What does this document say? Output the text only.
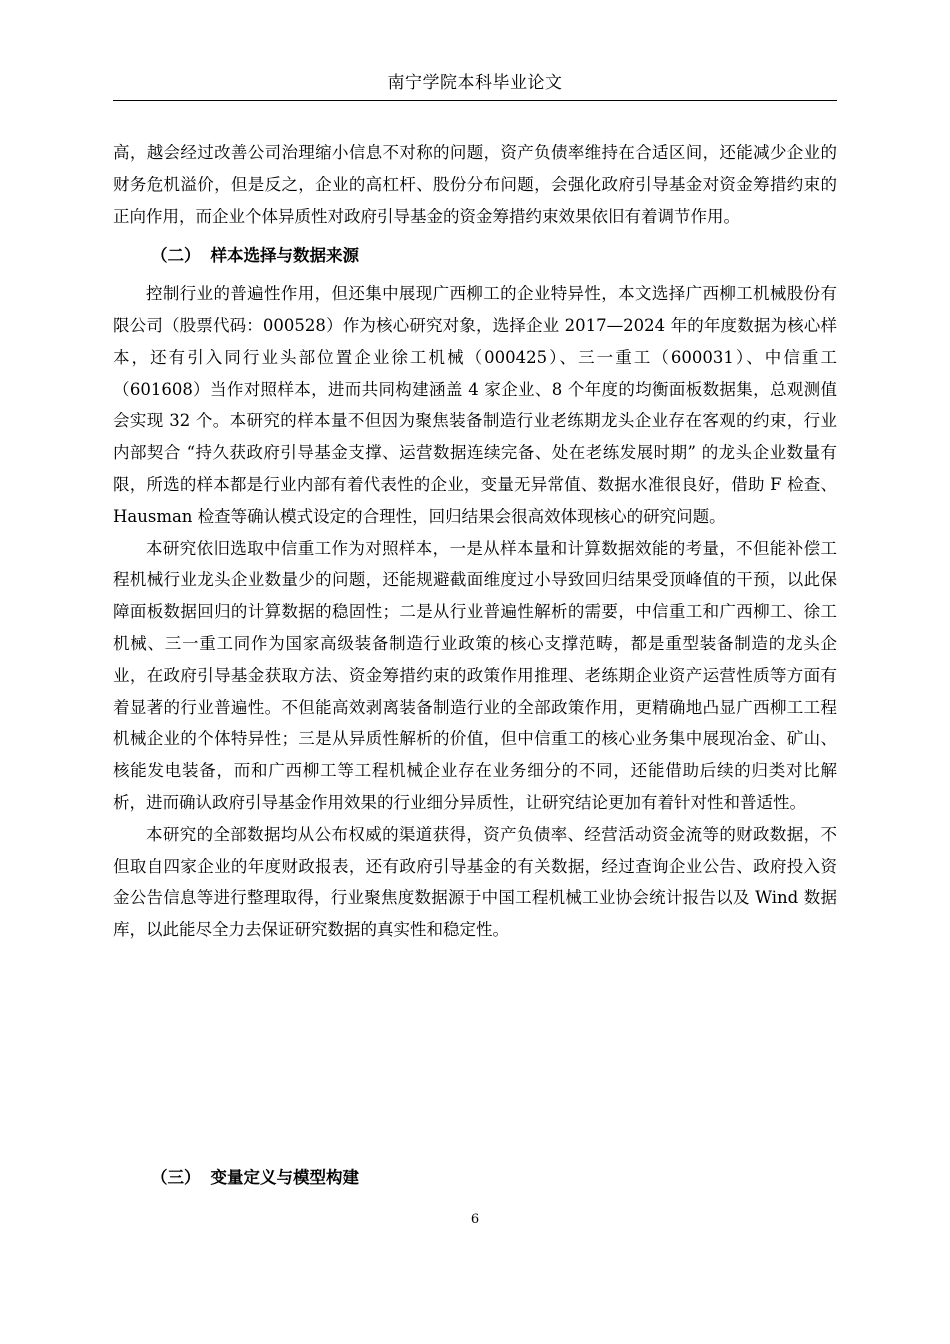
南宁学院本科毕业论文

高，越会经过改善公司治理缩小信息不对称的问题，资产负债率维持在合适区间，还能减少企业的财务危机溢价，但是反之，企业的高杠杆、股份分布问题，会强化政府引导基金对资金筹措约束的正向作用，而企业个体异质性对政府引导基金的资金筹措约束效果依旧有着调节作用。

（二） 样本选择与数据来源

控制行业的普遍性作用，但还集中展现广西柳工的企业特异性，本文选择广西柳工机械股份有限公司（股票代码：000528）作为核心研究对象，选择企业 2017—2024 年的年度数据为核心样本，还有引入同行业头部位置企业徐工机械（000425）、三一重工（600031）、中信重工（601608）当作对照样本，进而共同构建涵盖 4 家企业、8 个年度的均衡面板数据集，总观测值会实现 32 个。本研究的样本量不但因为聚焦装备制造行业老练期龙头企业存在客观的约束，行业内部契合 “持久获政府引导基金支撑、运营数据连续完备、处在老练发展时期” 的龙头企业数量有限，所选的样本都是行业内部有着代表性的企业，变量无异常值、数据水准很良好，借助 F 检查、Hausman 检查等确认模式设定的合理性，回归结果会很高效体现核心的研究问题。

本研究依旧选取中信重工作为对照样本，一是从样本量和计算数据效能的考量，不但能补偿工程机械行业龙头企业数量少的问题，还能规避截面维度过小导致回归结果受顶峰值的干预，以此保障面板数据回归的计算数据的稳固性；二是从行业普遍性解析的需要，中信重工和广西柳工、徐工机械、三一重工同作为国家高级装备制造行业政策的核心支撑范畴，都是重型装备制造的龙头企业，在政府引导基金获取方法、资金筹措约束的政策作用推理、老练期企业资产运营性质等方面有着显著的行业普遍性。不但能高效剥离装备制造行业的全部政策作用，更精确地凸显广西柳工工程机械企业的个体特异性；三是从异质性解析的价值，但中信重工的核心业务集中展现冶金、矿山、核能发电装备，而和广西柳工等工程机械企业存在业务细分的不同，还能借助后续的归类对比解析，进而确认政府引导基金作用效果的行业细分异质性，让研究结论更加有着针对性和普适性。

本研究的全部数据均从公布权威的渠道获得，资产负债率、经营活动资金流等的财政数据，不但取自四家企业的年度财政报表，还有政府引导基金的有关数据，经过查询企业公告、政府投入资金公告信息等进行整理取得，行业聚焦度数据源于中国工程机械工业协会统计报告以及 Wind 数据库，以此能尽全力去保证研究数据的真实性和稳定性。

（三） 变量定义与模型构建

6
